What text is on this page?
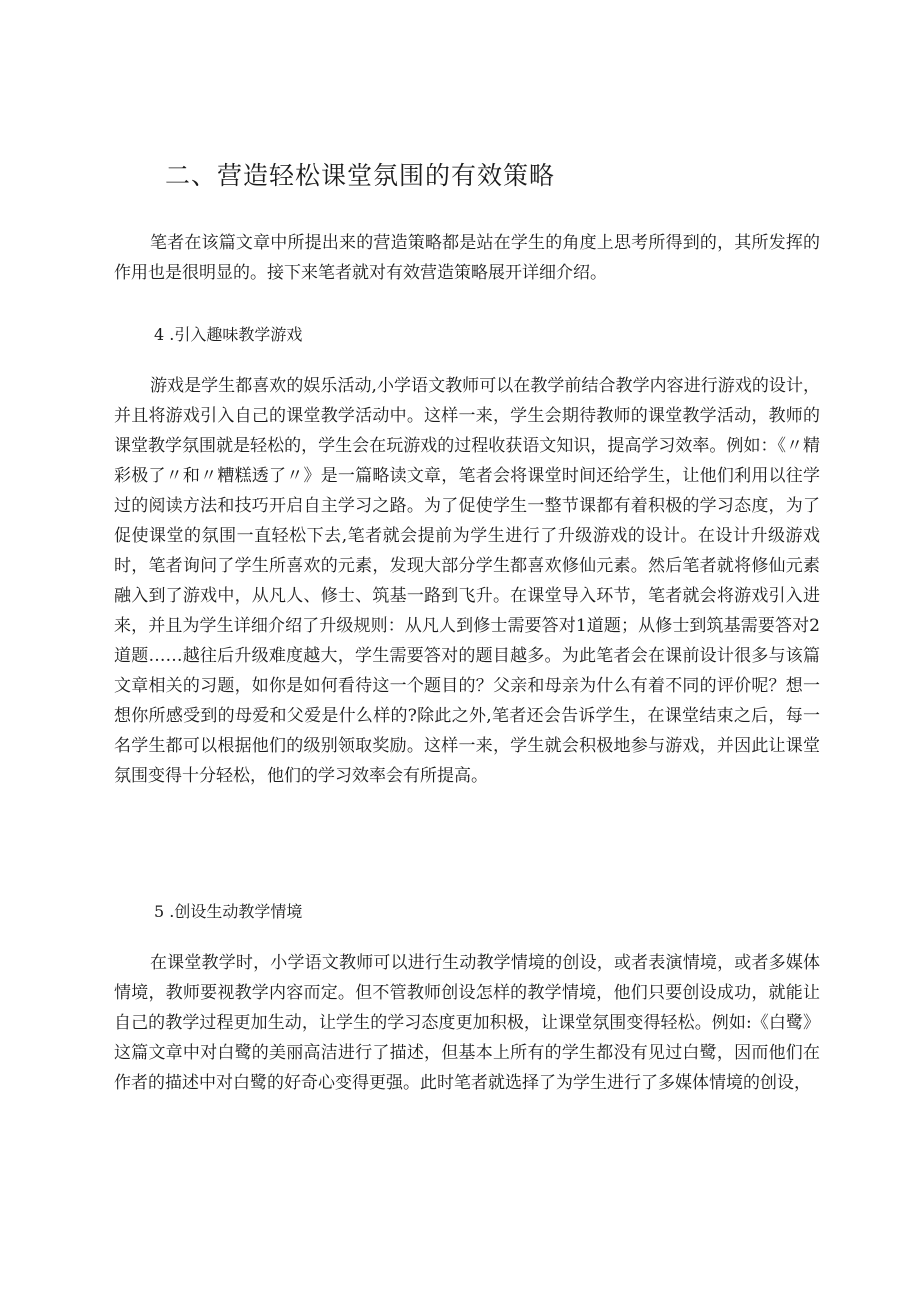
二、营造轻松课堂氛围的有效策略

笔者在该篇文章中所提出来的营造策略都是站在学生的角度上思考所得到的，其所发挥的作用也是很明显的。接下来笔者就对有效营造策略展开详细介绍。

4 .引入趣味教学游戏

游戏是学生都喜欢的娱乐活动,小学语文教师可以在教学前结合教学内容进行游戏的设计，并且将游戏引入自己的课堂教学活动中。这样一来，学生会期待教师的课堂教学活动，教师的课堂教学氛围就是轻松的，学生会在玩游戏的过程收获语文知识，提高学习效率。例如：《〃精彩极了〃和〃糟糕透了〃》是一篇略读文章，笔者会将课堂时间还给学生，让他们利用以往学过的阅读方法和技巧开启自主学习之路。为了促使学生一整节课都有着积极的学习态度，为了促使课堂的氛围一直轻松下去,笔者就会提前为学生进行了升级游戏的设计。在设计升级游戏时，笔者询问了学生所喜欢的元素，发现大部分学生都喜欢修仙元素。然后笔者就将修仙元素融入到了游戏中，从凡人、修士、筑基一路到飞升。在课堂导入环节，笔者就会将游戏引入进来，并且为学生详细介绍了升级规则：从凡人到修士需要答对1道题；从修士到筑基需要答对2道题……越往后升级难度越大，学生需要答对的题目越多。为此笔者会在课前设计很多与该篇文章相关的习题，如你是如何看待这一个题目的？父亲和母亲为什么有着不同的评价呢？想一想你所感受到的母爱和父爱是什么样的?除此之外,笔者还会告诉学生，在课堂结束之后，每一名学生都可以根据他们的级别领取奖励。这样一来，学生就会积极地参与游戏，并因此让课堂氛围变得十分轻松，他们的学习效率会有所提高。

5 .创设生动教学情境

在课堂教学时，小学语文教师可以进行生动教学情境的创设，或者表演情境，或者多媒体情境，教师要视教学内容而定。但不管教师创设怎样的教学情境，他们只要创设成功，就能让自己的教学过程更加生动，让学生的学习态度更加积极，让课堂氛围变得轻松。例如:《白鹭》这篇文章中对白鹭的美丽高洁进行了描述，但基本上所有的学生都没有见过白鹭，因而他们在作者的描述中对白鹭的好奇心变得更强。此时笔者就选择了为学生进行了多媒体情境的创设，
